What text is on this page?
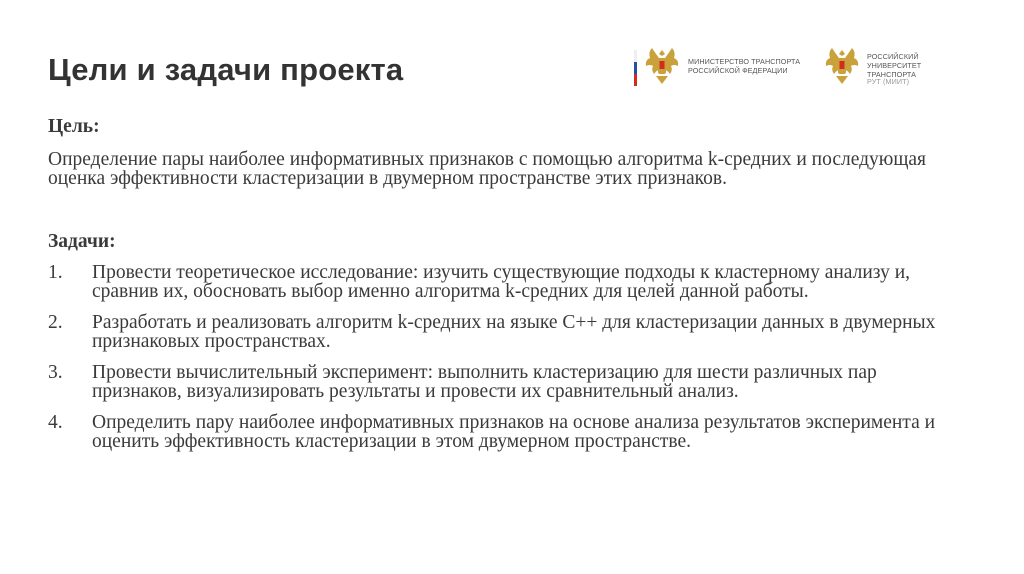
Цели и задачи проекта	МИНИСТЕРСТВО ТРАНСПОРТА
РОССИЙСКОЙ ФЕДЕРАЦИИ
РОССИЙСКИЙ УНИВЕРСИТЕТ
ТРАНСПОРТА
РУТ (МИИТ)

Цель:

Определение пары наиболее информативных признаков с помощью алгоритма k-средних и последующая оценка эффективности кластеризации в двумерном пространстве этих признаков.

Задачи:

1. Провести теоретическое исследование: изучить существующие подходы к кластерному анализу и, сравнив их, обосновать выбор именно алгоритма k-средних для целей данной работы.
2. Разработать и реализовать алгоритм k-средних на языке C++ для кластеризации данных в двумерных признаковых пространствах.
3. Провести вычислительный эксперимент: выполнить кластеризацию для шести различных пар признаков, визуализировать результаты и провести их сравнительный анализ.
4. Определить пару наиболее информативных признаков на основе анализа результатов эксперимента и оценить эффективность кластеризации в этом двумерном пространстве.
